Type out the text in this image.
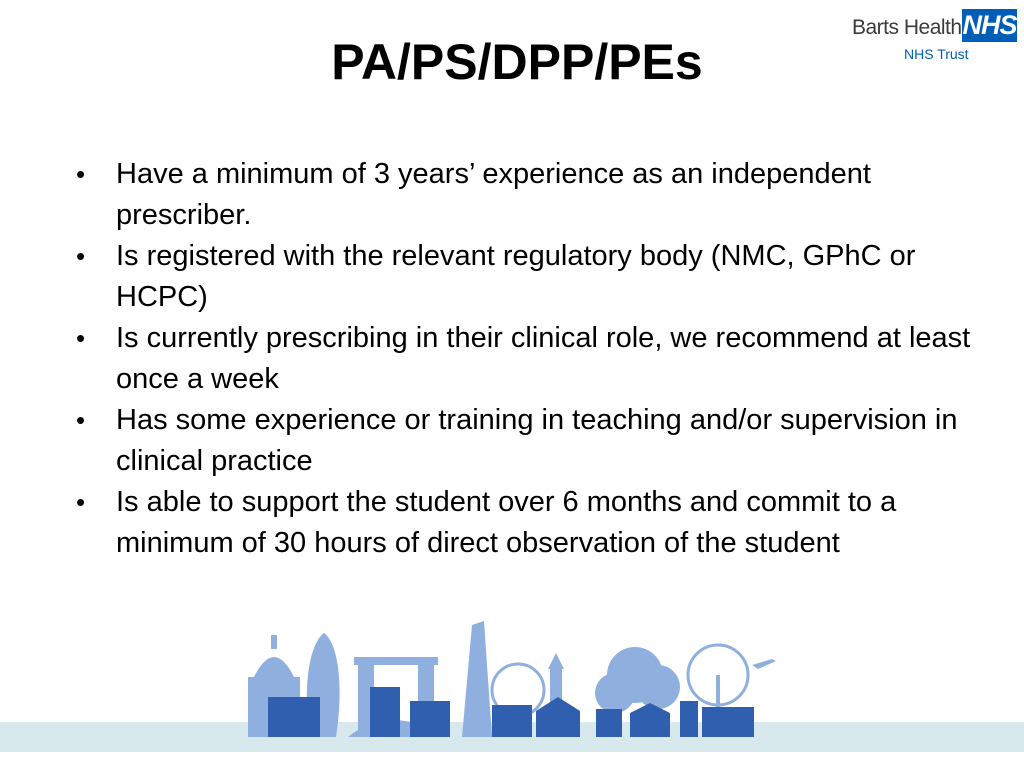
PA/PS/DPP/PEs
Barts Health NHS
NHS Trust
• Have a minimum of 3 years’ experience as an independent prescriber.
• Is registered with the relevant regulatory body (NMC, GPhC or HCPC)
• Is currently prescribing in their clinical role, we recommend at least once a week
• Has some experience or training in teaching and/or supervision in clinical practice
• Is able to support the student over 6 months and commit to a minimum of 30 hours of direct observation of the student
